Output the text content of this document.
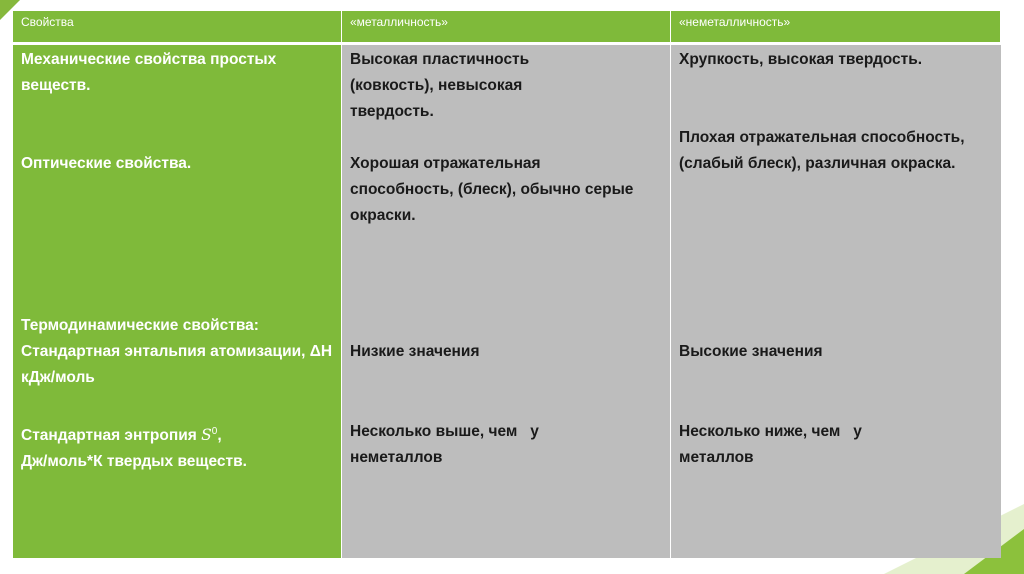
Свойства	«металличность»	«неметалличность»
Механические свойства простых веществ.
Оптические свойства.
Термодинамические свойства:
Стандартная энтальпия атомизации, ΔН кДж/моль
Стандартная энтропия $S^0$,
Дж/моль*К твердых веществ.
Высокая пластичность (ковкость), невысокая твердость.
Хорошая отражательная способность, (блеск), обычно серые окраски.
Низкие значения
Несколько выше, чем   у неметаллов
Хрупкость, высокая твердость.
Плохая отражательная способность,(слабый блеск), различная окраска.
Высокие значения
Несколько ниже, чем   у металлов
